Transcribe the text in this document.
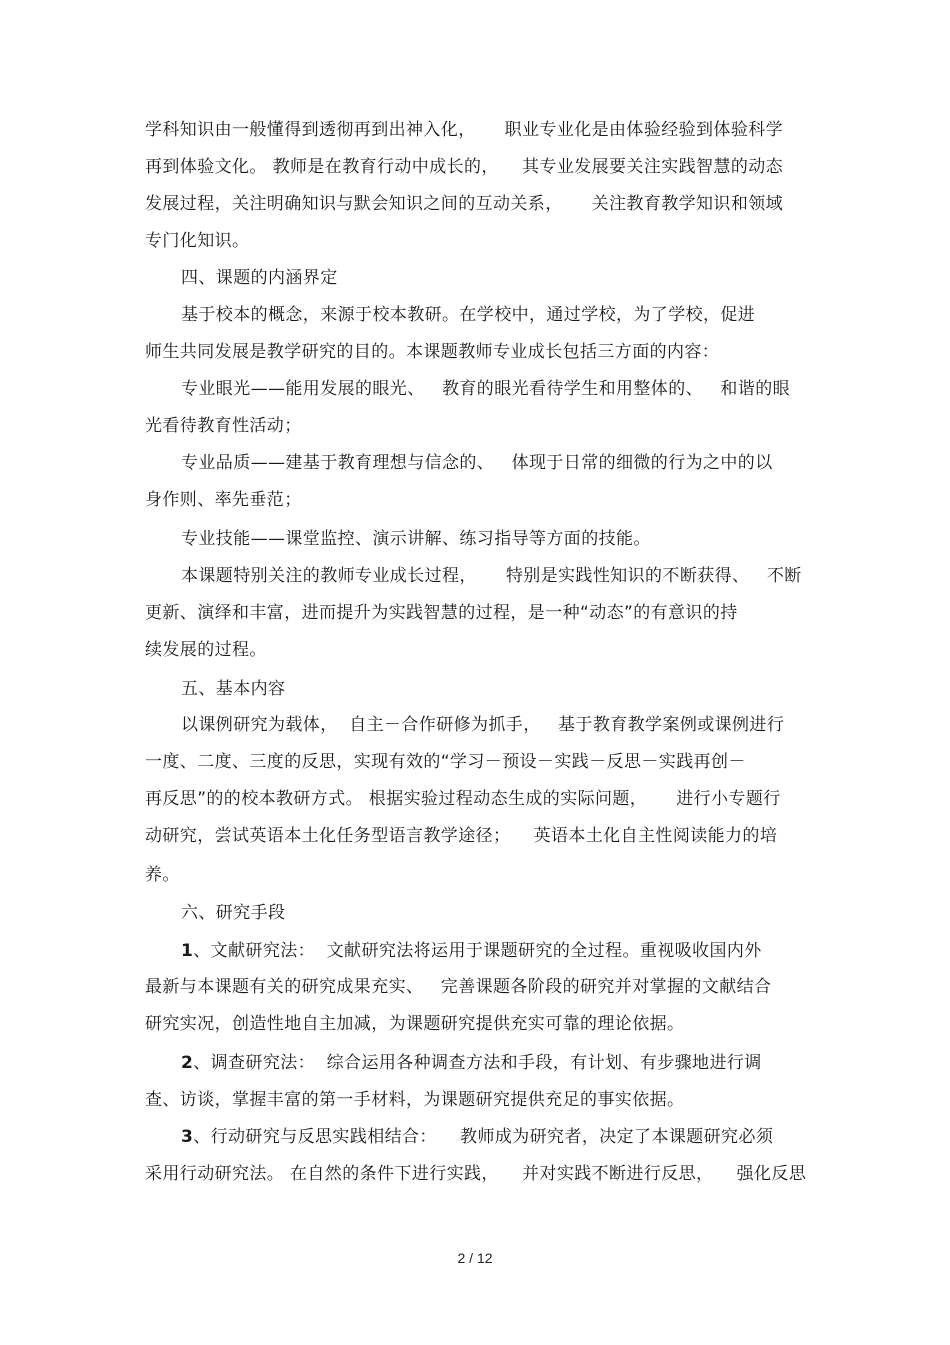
学科知识由一般懂得到透彻再到出神入化，     职业专业化是由体验经验到体验科学
再到体验文化。 教师是在教育行动中成长的，    其专业发展要关注实践智慧的动态
发展过程，关注明确知识与默会知识之间的互动关系，     关注教育教学知识和领域
专门化知识。
四、课题的内涵界定
基于校本的概念，来源于校本教研。在学校中，通过学校，为了学校，促进
师生共同发展是教学研究的目的。本课题教师专业成长包括三方面的内容：
专业眼光——能用发展的眼光、   教育的眼光看待学生和用整体的、   和谐的眼
光看待教育性活动；
专业品质——建基于教育理想与信念的、   体现于日常的细微的行为之中的以
身作则、率先垂范；
专业技能——课堂监控、演示讲解、练习指导等方面的技能。
本课题特别关注的教师专业成长过程，     特别是实践性知识的不断获得、   不断
更新、演绎和丰富，进而提升为实践智慧的过程，是一种“动态”的有意识的持
续发展的过程。
五、基本内容
以课例研究为载体，  自主－合作研修为抓手，   基于教育教学案例或课例进行
一度、二度、三度的反思，实现有效的“学习－预设－实践－反思－实践再创－
再反思”的的校本教研方式。 根据实验过程动态生成的实际问题，     进行小专题行
动研究，尝试英语本土化任务型语言教学途径；    英语本土化自主性阅读能力的培
养。
六、研究手段
1、文献研究法：  文献研究法将运用于课题研究的全过程。重视吸收国内外
最新与本课题有关的研究成果充实、   完善课题各阶段的研究并对掌握的文献结合
研究实况，创造性地自主加减，为课题研究提供充实可靠的理论依据。
2、调查研究法：  综合运用各种调查方法和手段，有计划、有步骤地进行调
查、访谈，掌握丰富的第一手材料，为课题研究提供充足的事实依据。
3、行动研究与反思实践相结合：    教师成为研究者，决定了本课题研究必须
采用行动研究法。 在自然的条件下进行实践，    并对实践不断进行反思，    强化反思
2 / 12
